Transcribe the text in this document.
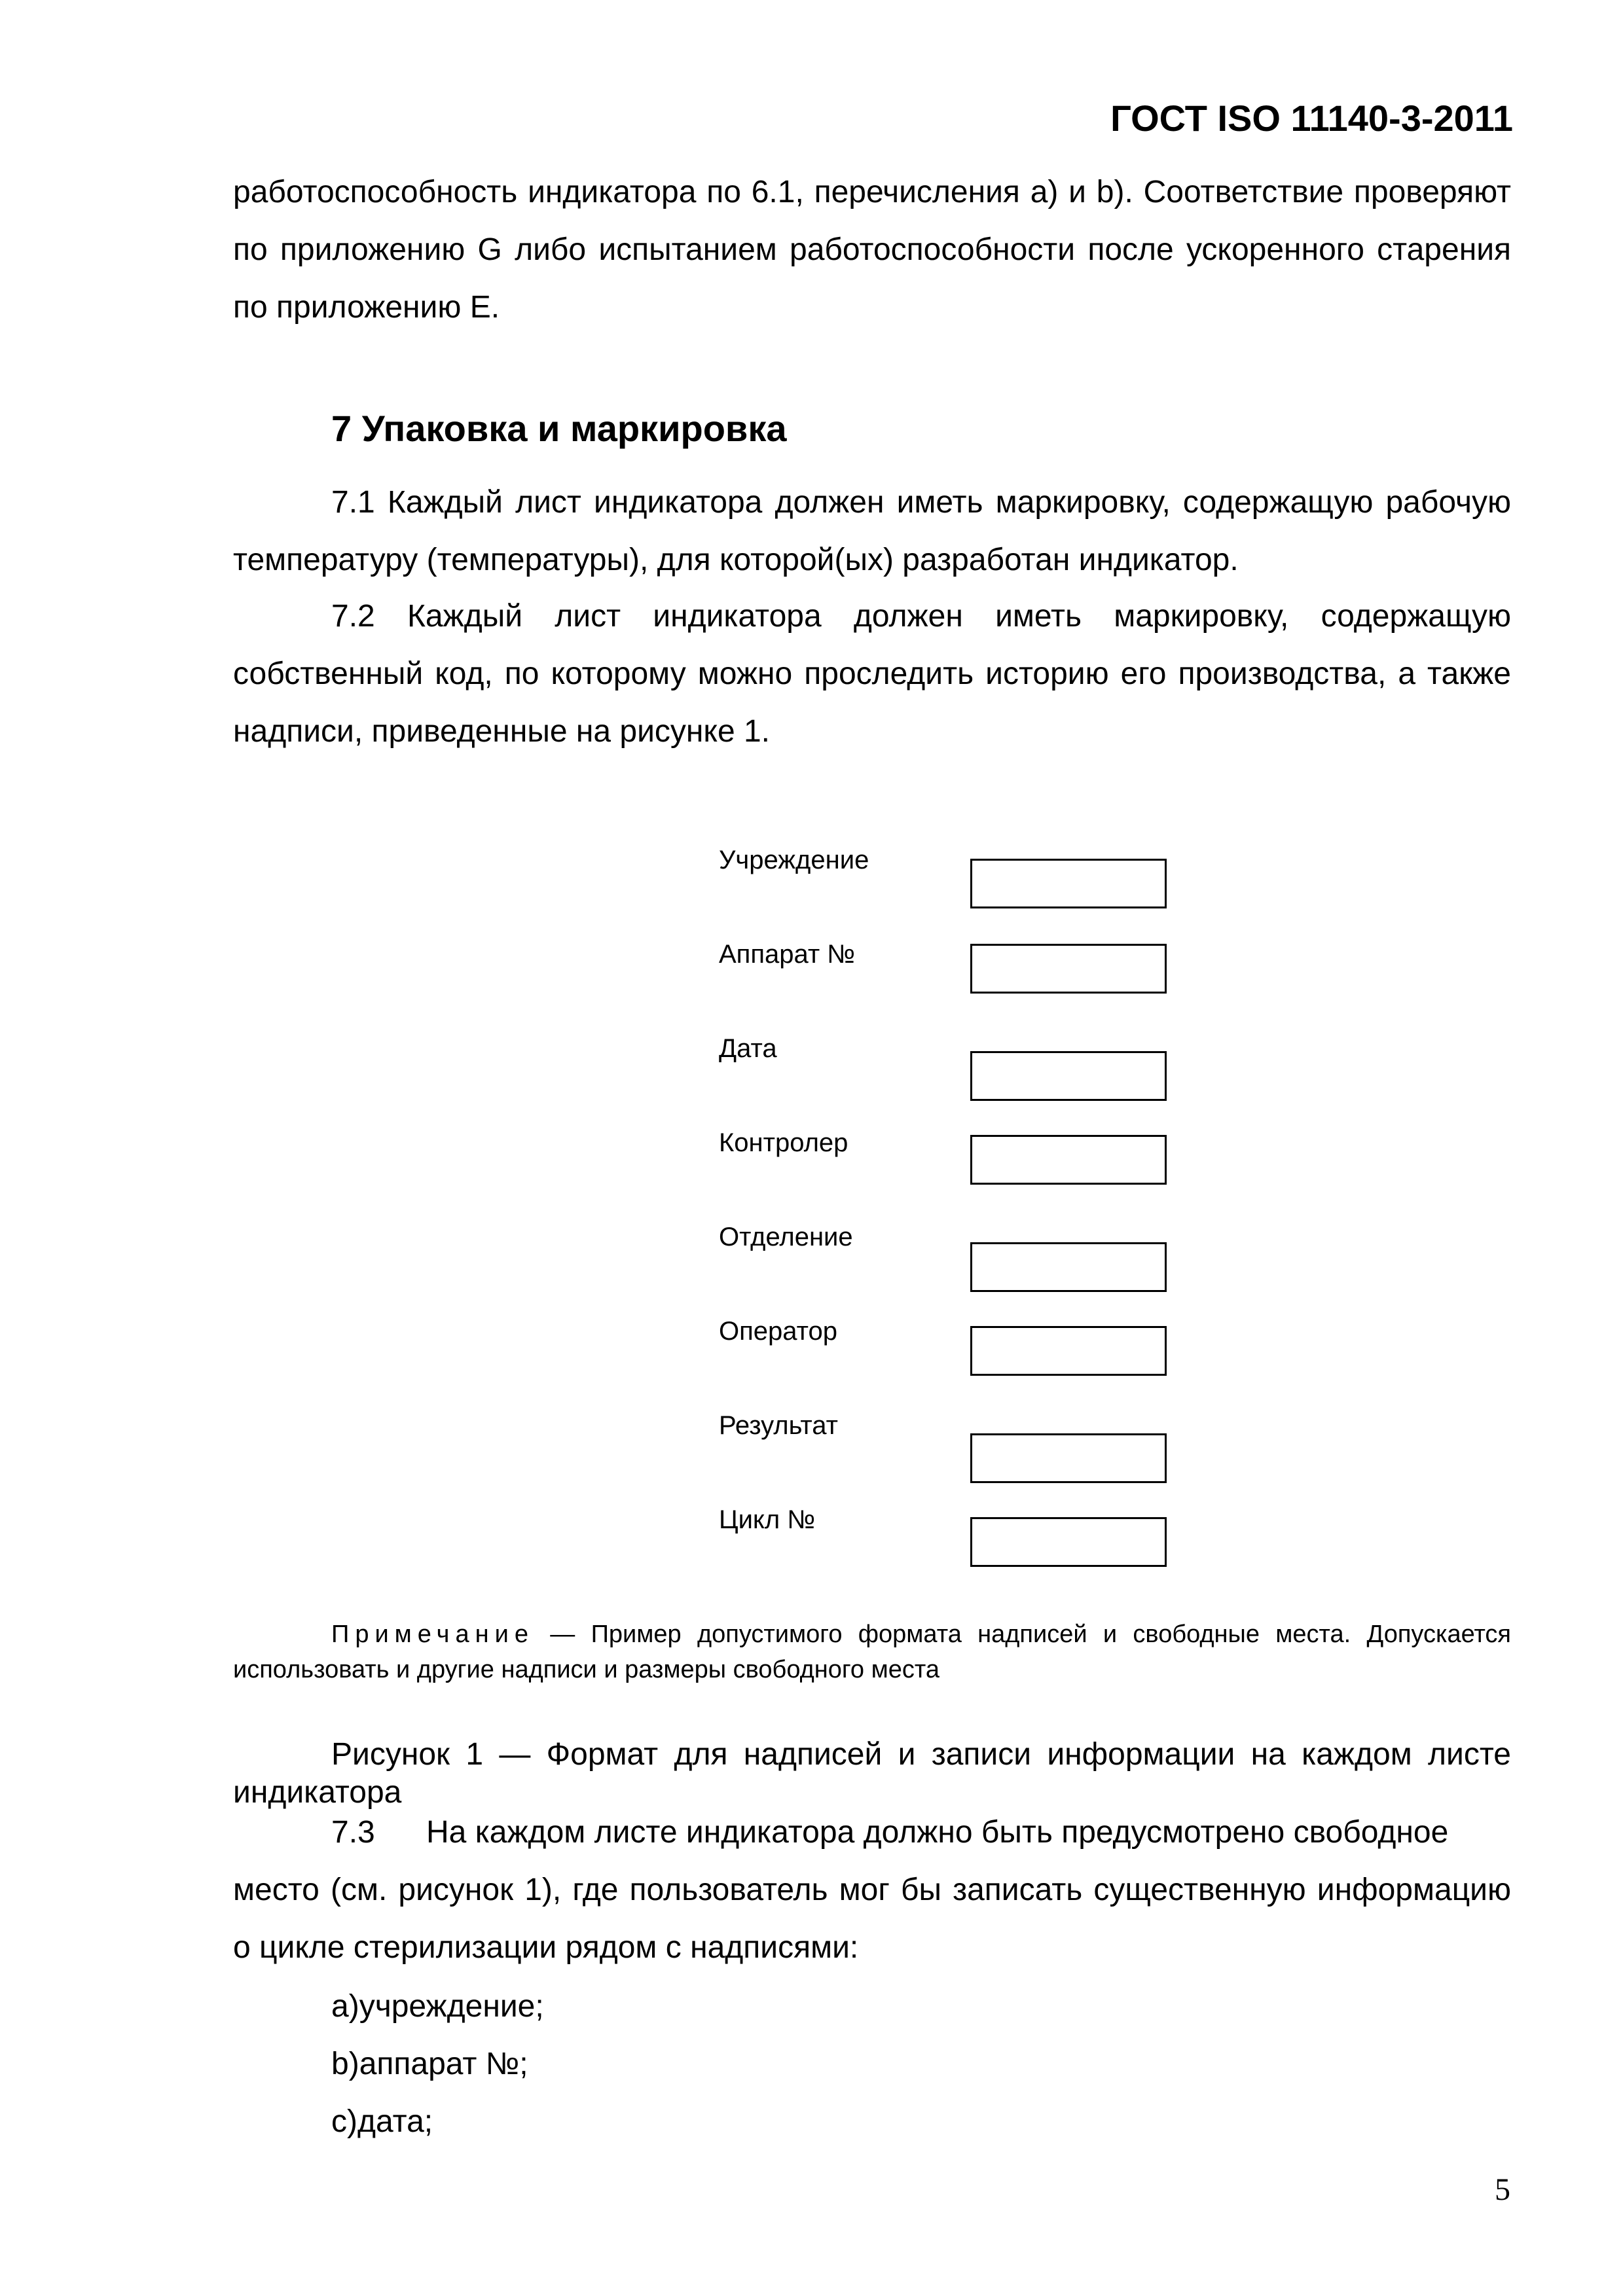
ГОСТ ISO 11140-3-2011
работоспособность индикатора по 6.1, перечисления а) и b). Соответствие проверяют по приложению G либо испытанием работоспособности после ускоренного старения по приложению E.
7 Упаковка и маркировка
7.1 Каждый лист индикатора должен иметь маркировку, содержащую рабочую температуру (температуры), для которой(ых) разработан индикатор.
7.2 Каждый лист индикатора должен иметь маркировку, содержащую собственный код, по которому можно проследить историю его производства, а также надписи, приведенные на рисунке 1.
Учреждение
Аппарат №
Дата
Контролер
Отделение
Оператор
Результат
Цикл №
Примечание — Пример допустимого формата надписей и свободные места. Допускается использовать и другие надписи и размеры свободного места
Рисунок 1 — Формат для надписей и записи информации на каждом листе индикатора
7.3 На каждом листе индикатора должно быть предусмотрено свободное
место (см. рисунок 1), где пользователь мог бы записать существенную информацию о цикле стерилизации рядом с надписями:
а)учреждение;
b)аппарат №;
с)дата;
5
